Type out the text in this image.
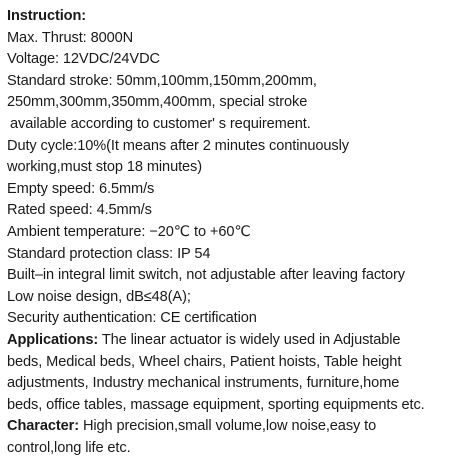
Instruction:
Max. Thrust: 8000N
Voltage: 12VDC/24VDC
Standard stroke: 50mm,100mm,150mm,200mm,
250mm,300mm,350mm,400mm, special stroke
available according to customer' s requirement.
Duty cycle:10%(It means after 2 minutes continuously
working,must stop 18 minutes)
Empty speed: 6.5mm/s
Rated speed: 4.5mm/s
Ambient temperature: −20℃ to +60℃
Standard protection class: IP 54
Built–in integral limit switch, not adjustable after leaving factory
Low noise design, dB≤48(A);
Security authentication: CE certification
Applications: The linear actuator is widely used in Adjustable
beds, Medical beds, Wheel chairs, Patient hoists, Table height
adjustments, Industry mechanical instruments, furniture,home
beds, office tables, massage equipment, sporting equipments etc.
Character: High precision,small volume,low noise,easy to
control,long life etc.
